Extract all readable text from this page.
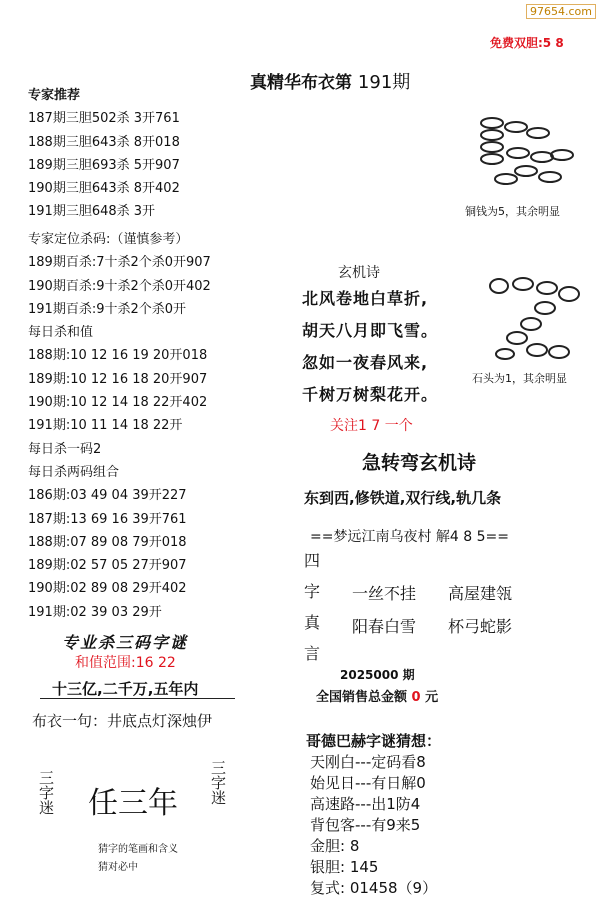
97654.com
免费双胆:5 8
真精华布衣第 191期
专家推荐
187期三胆502杀 3开761
188期三胆643杀 8开018
189期三胆693杀 5开907
190期三胆643杀 8开402
191期三胆648杀 3开
专家定位杀码:（谨慎参考）
189期百杀:7十杀2个杀0开907
190期百杀:9十杀2个杀0开402
191期百杀:9十杀2个杀0开
每日杀和值
188期:10 12 16 19 20开018
189期:10 12 16 18 20开907
190期:10 12 14 18 22开402
191期:10 11 14 18 22开
每日杀一码2
每日杀两码组合
186期:03 49 04 39开227
187期:13 69 16 39开761
188期:07 89 08 79开018
189期:02 57 05 27开907
190期:02 89 08 29开402
191期:02 39 03 29开
专业杀三码字谜
和值范围:16 22
十三亿,二千万,五年内
布衣一句：井底点灯深烛伊
三字迷 任三年 三字迷
猜字的笔画和含义
猜对必中
铜钱为5，其余明显
石头为1，其余明显
玄机诗
北风卷地白草折,
胡天八月即飞雪。
忽如一夜春风来,
千树万树梨花开。
关注1 7 一个
急转弯玄机诗
东到西,修铁道,双行线,轨几条
==梦远江南乌夜村 解4 8 5==
四
字
真
言
一丝不挂 高屋建瓴
阳春白雪 杯弓蛇影
2025000 期
全国销售总金额 0 元
哥德巴赫字谜猜想：
天刚白---定码看8
始见日---有日解0
高速路---出1防4
背包客---有9来5
金胆: 8
银胆: 145
复式: 01458（9）
